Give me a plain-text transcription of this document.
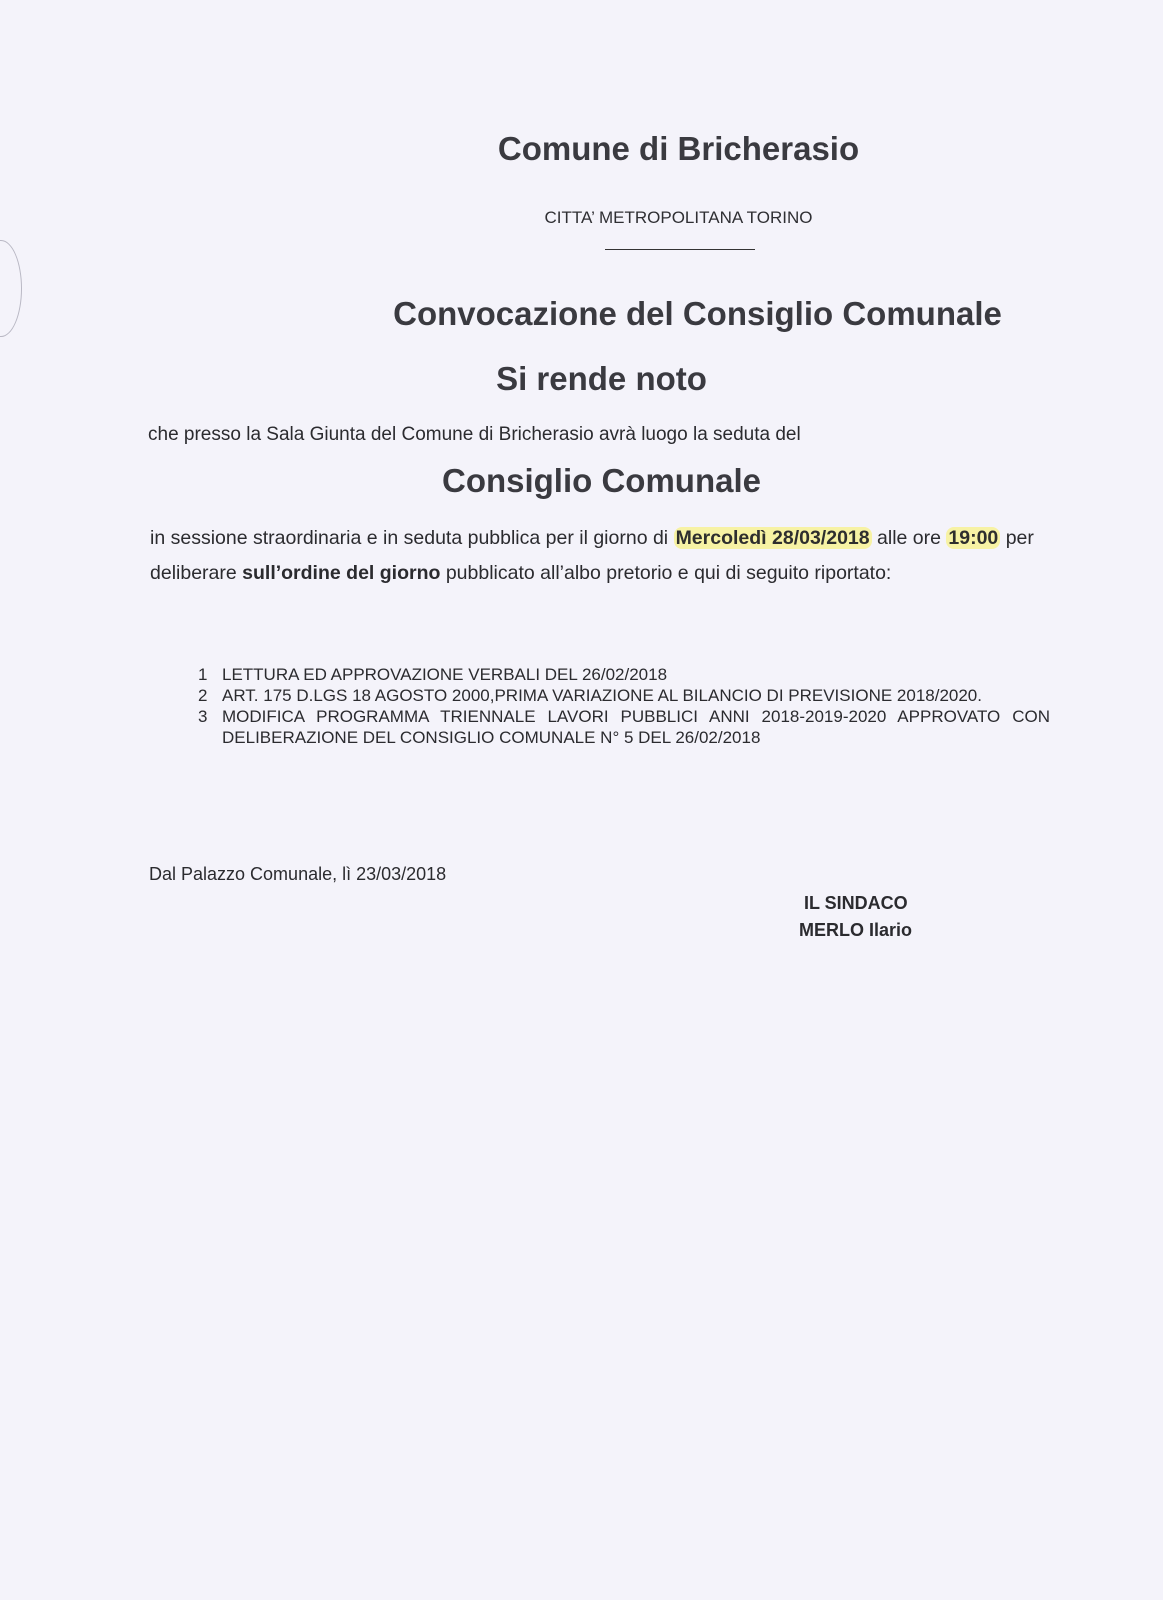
Comune di Bricherasio
CITTA’ METROPOLITANA TORINO
Convocazione del Consiglio Comunale
Si rende noto
che presso la Sala Giunta del Comune di Bricherasio avrà luogo la seduta del
Consiglio Comunale
in sessione straordinaria e in seduta pubblica per il giorno di Mercoledì 28/03/2018 alle ore 19:00 per deliberare sull’ordine del giorno pubblicato all’albo pretorio e qui di seguito riportato:
1 LETTURA ED APPROVAZIONE VERBALI DEL 26/02/2018
2 ART. 175 D.LGS 18 AGOSTO 2000,PRIMA VARIAZIONE AL BILANCIO DI PREVISIONE 2018/2020.
3 MODIFICA PROGRAMMA TRIENNALE LAVORI PUBBLICI ANNI 2018-2019-2020 APPROVATO CON DELIBERAZIONE DEL CONSIGLIO COMUNALE N° 5 DEL 26/02/2018
Dal Palazzo Comunale, lì 23/03/2018
IL SINDACO
MERLO Ilario
